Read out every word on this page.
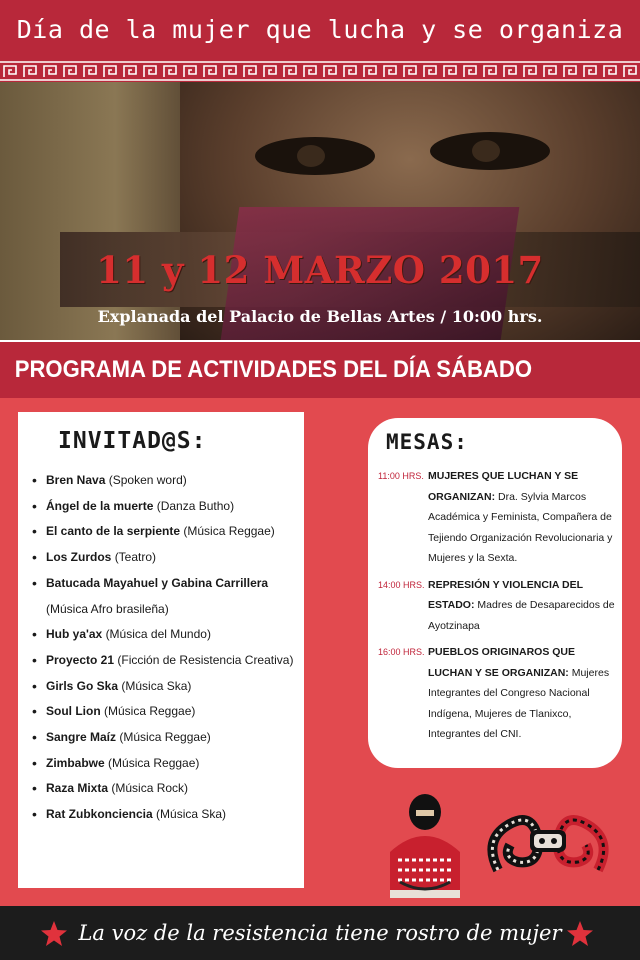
Día de la mujer que lucha y se organiza
11 y 12 MARZO 2017
Explanada del Palacio de Bellas Artes / 10:00 hrs.
PROGRAMA DE ACTIVIDADES DEL DÍA SÁBADO
INVITAD@S:
• Bren Nava (Spoken word)
• Ángel de la muerte (Danza Butho)
• El canto de la serpiente (Música Reggae)
• Los Zurdos (Teatro)
• Batucada Mayahuel y Gabina Carrillera (Música Afro brasileña)
• Hub ya'ax (Música del Mundo)
• Proyecto 21 (Ficción de Resistencia Creativa)
• Girls Go Ska (Música Ska)
• Soul Lion (Música Reggae)
• Sangre Maíz (Música Reggae)
• Zimbabwe (Música Reggae)
• Raza Mixta (Música Rock)
• Rat Zubkonciencia (Música Ska)
MESAS:
11:00 HRS. MUJERES QUE LUCHAN Y SE ORGANIZAN: Dra. Sylvia Marcos Académica y Feminista, Compañera de Tejiendo Organización Revolucionaria y Mujeres y la Sexta.
14:00 HRS. REPRESIÓN Y VIOLENCIA DEL ESTADO: Madres de Desaparecidos de Ayotzinapa
16:00 HRS. PUEBLOS ORIGINAROS QUE LUCHAN Y SE ORGANIZAN: Mujeres Integrantes del Congreso Nacional Indígena, Mujeres de Tlanixco, Integrantes del CNI.
La voz de la resistencia tiene rostro de mujer
